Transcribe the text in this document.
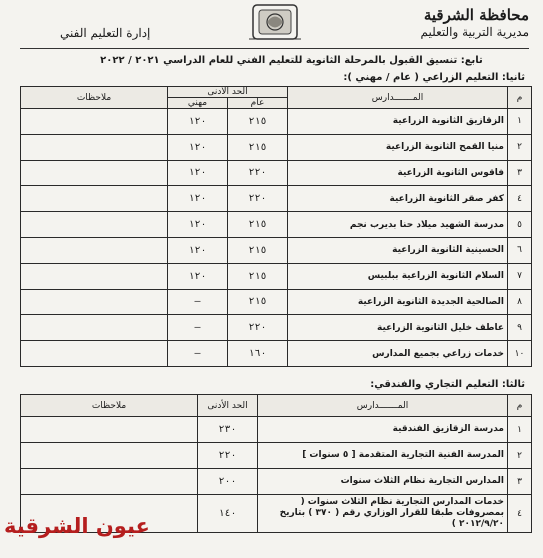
محافظة الشرقية
مديرية التربية والتعليم
إدارة التعليم الفني
تابع: تنسيق القبول بالمرحلة الثانوية للتعليم الفني للعام الدراسي ٢٠٢١ / ٢٠٢٢
ثانيا: التعليم الزراعي ( عام / مهني ):
م	المـــــــدارس	الحد الأدنى		ملاحظات
		عام	مهني	
١	الزقازيق الثانوية الزراعية	٢١٥	١٢٠	
٢	منيا القمح الثانوية الزراعية	٢١٥	١٢٠	
٣	فاقوس الثانوية الزراعية	٢٢٠	١٢٠	
٤	كفر صقر الثانوية الزراعية	٢٢٠	١٢٠	
٥	مدرسة الشهيد ميلاد حنا بديرب نجم	٢١٥	١٢٠	
٦	الحسينية الثانوية الزراعية	٢١٥	١٢٠	
٧	السلام الثانوية الزراعية ببلبيس	٢١٥	١٢٠	
٨	الصالحية الجديدة الثانوية الزراعية	٢١٥	—	
٩	عاطف خليل الثانوية الزراعية	٢٢٠	—	
١٠	خدمات زراعي بجميع المدارس	١٦٠	—	
ثالثا: التعليم التجاري والفندقي:
م	المـــــــدارس	الحد الأدنى	ملاحظات
١	مدرسة الزقازيق الفندقية	٢٣٠	
٢	المدرسة الفنية التجارية المتقدمة [ ٥ سنوات ]	٢٢٠	
٣	المدارس التجارية نظام الثلاث سنوات	٢٠٠	
٤	خدمات المدارس التجارية نظام الثلاث سنوات ( بمصروفات طبقا للقرار الوزاري رقم ( ٣٧٠ ) بتاريخ ٢٠١٢/٩/٢٠ )	١٤٠	
عيون الشرقية
